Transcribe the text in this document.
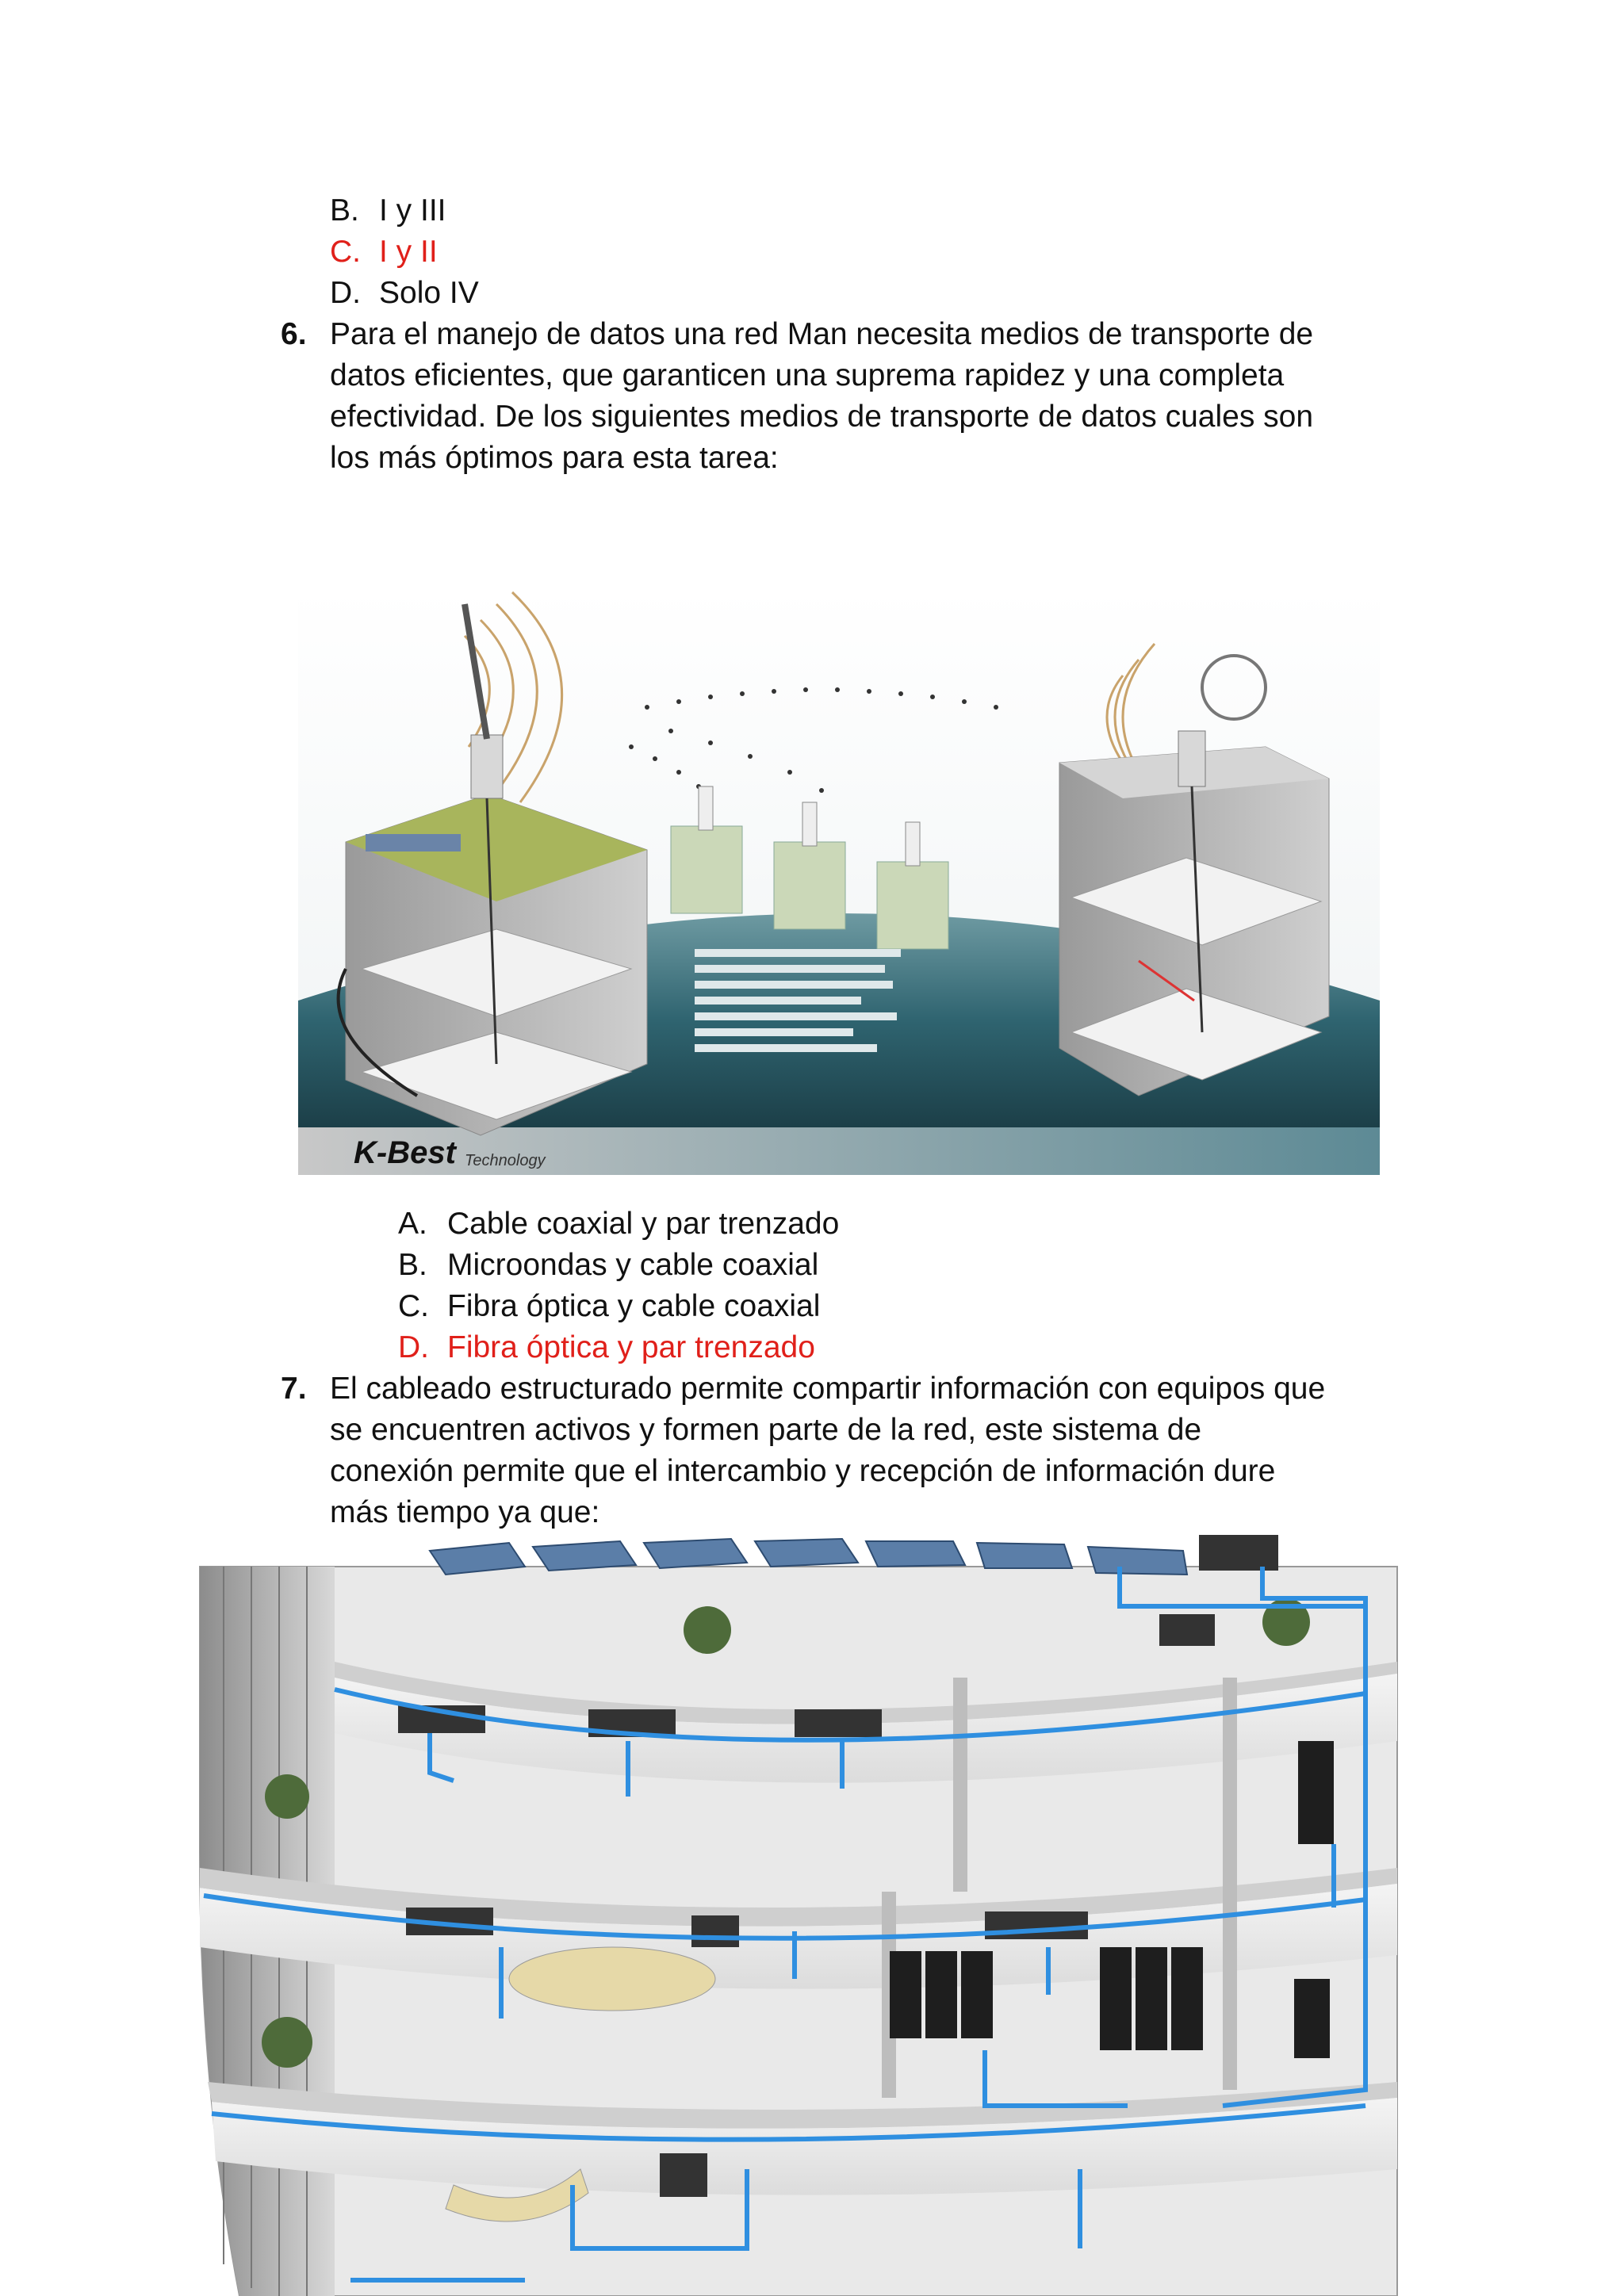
B. I y III
C. I y II
D. Solo IV
6. Para el manejo de datos una red Man necesita medios de transporte de
datos eficientes, que garanticen una suprema rapidez y una completa
efectividad. De los siguientes medios de transporte de datos cuales son
los más óptimos para esta tarea:
K-Best Technology
A. Cable coaxial y par trenzado
B. Microondas y cable coaxial
C. Fibra óptica y cable coaxial
D. Fibra óptica y par trenzado
7. El cableado estructurado permite compartir información con equipos que
se encuentren activos y formen parte de la red, este sistema de
conexión permite que el intercambio y recepción de información dure
más tiempo ya que:
